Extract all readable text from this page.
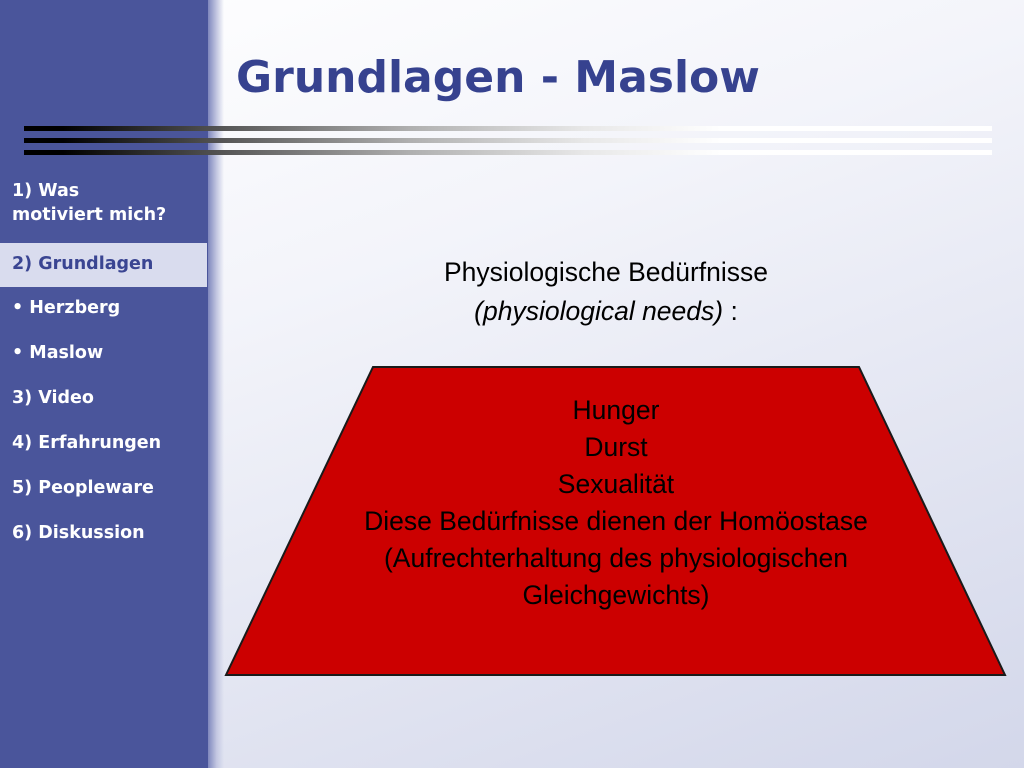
1) Was
motiviert mich?
2) Grundlagen
• Herzberg
• Maslow
3) Video
4) Erfahrungen
5) Peopleware
6) Diskussion
Grundlagen - Maslow
Physiologische Bedürfnisse
(physiological needs) :
Hunger
Durst
Sexualität
Diese Bedürfnisse dienen der Homöostase
(Aufrechterhaltung des physiologischen
Gleichgewichts)
